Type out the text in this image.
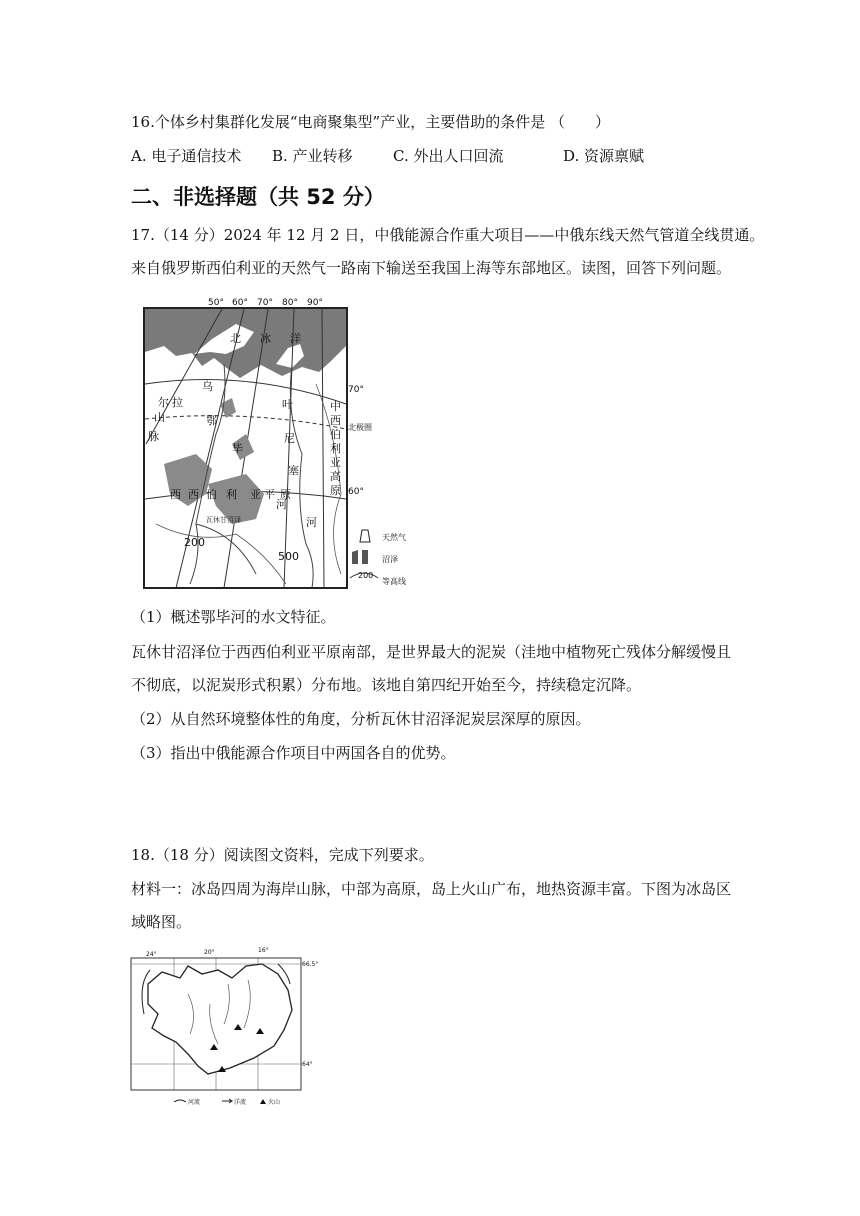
16.个体乡村集群化发展“电商聚集型”产业，主要借助的条件是 （　　）
A. 电子通信技术 B. 产业转移	C. 外出人口回流	D. 资源禀赋
二、非选择题（共 52 分）
17.（14 分）2024 年 12 月 2 日，中俄能源合作重大项目——中俄东线天然气管道全线贯通。
来自俄罗斯西伯利亚的天然气一路南下输送至我国上海等东部地区。读图，回答下列问题。
50° 60° 70° 80° 90°
70°
60°
北极圈
北 冰 洋
乌
拉
尔
山
脉
鄂
毕
河
叶
尼
塞
河
西 西 伯 利 亚 平 原
中
西
伯
利
亚
高
原
200
500
瓦休甘沼泽
天然气
沼泽
200
等高线
（1）概述鄂毕河的水文特征。
瓦休甘沼泽位于西西伯利亚平原南部，是世界最大的泥炭（洼地中植物死亡残体分解缓慢且
不彻底，以泥炭形式积累）分布地。该地自第四纪开始至今，持续稳定沉降。
（2）从自然环境整体性的角度，分析瓦休甘沼泽泥炭层深厚的原因。
（3）指出中俄能源合作项目中两国各自的优势。
18.（18 分）阅读图文资料，完成下列要求。
材料一：冰岛四周为海岸山脉，中部为高原，岛上火山广布，地热资源丰富。下图为冰岛区
域略图。
24°	20°	16°
66.5°
64°
河流	洋流	火山
